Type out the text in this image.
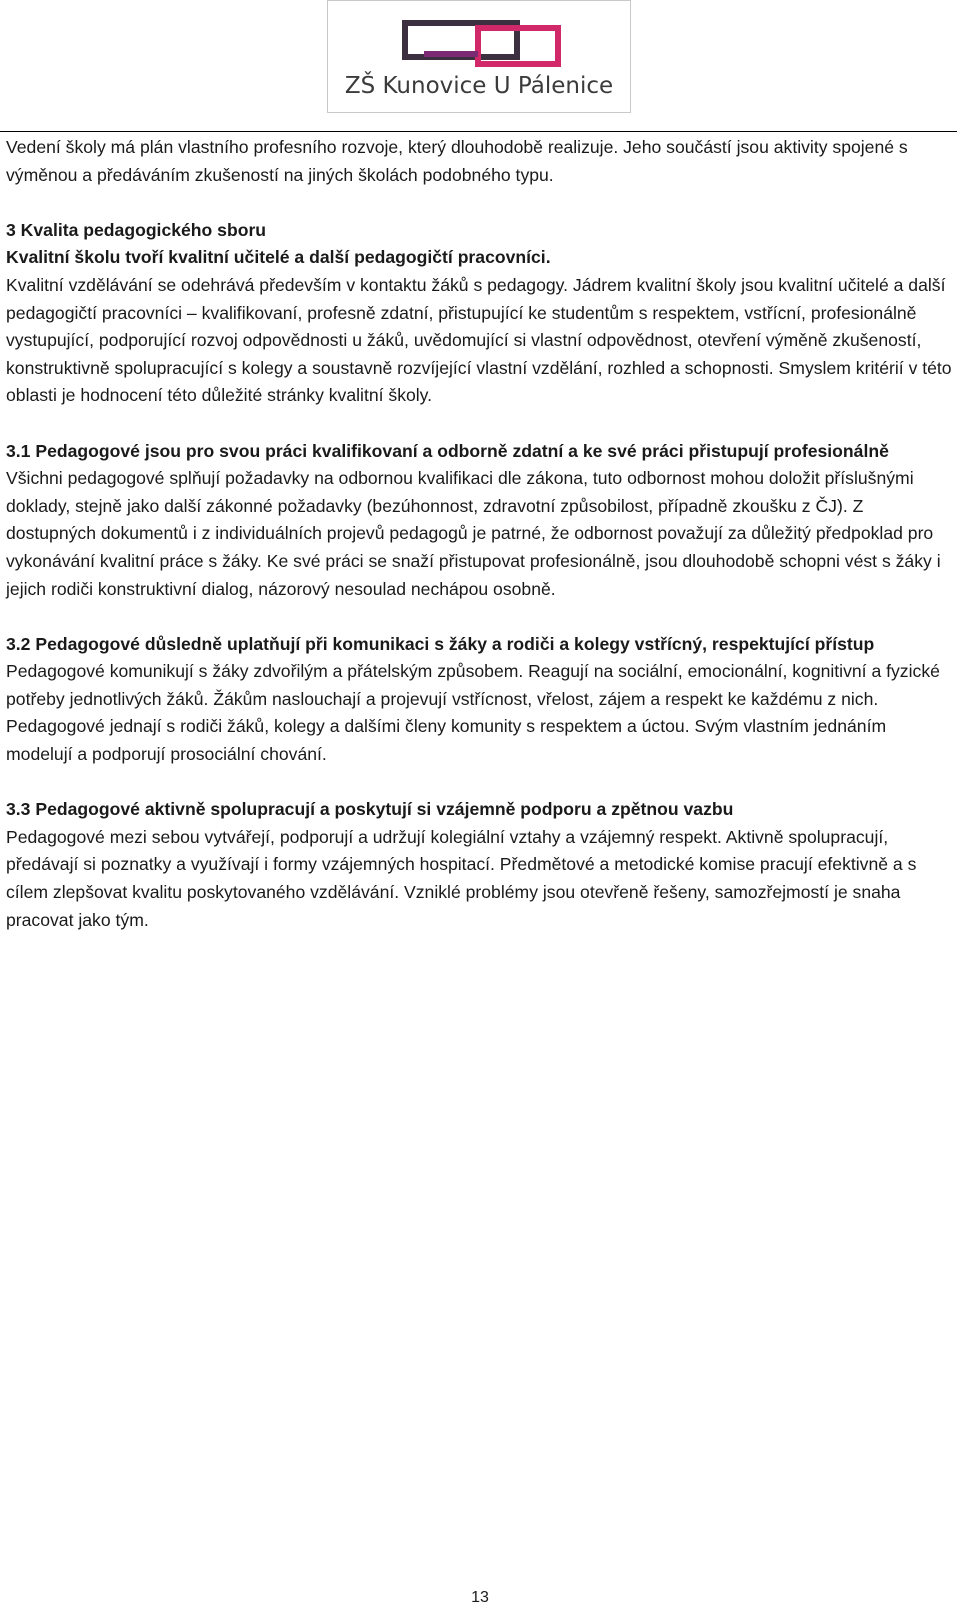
ZŠ Kunovice U Pálenice

Vedení školy má plán vlastního profesního rozvoje, který dlouhodobě realizuje. Jeho součástí jsou aktivity spojené s výměnou a předáváním zkušeností na jiných školách podobného typu.

3 Kvalita pedagogického sboru

Kvalitní školu tvoří kvalitní učitelé a další pedagogičtí pracovníci.

Kvalitní vzdělávání se odehrává především v kontaktu žáků s pedagogy. Jádrem kvalitní školy jsou kvalitní učitelé a další pedagogičtí pracovníci – kvalifikovaní, profesně zdatní, přistupující ke studentům s respektem, vstřícní, profesionálně vystupující, podporující rozvoj odpovědnosti u žáků, uvědomující si vlastní odpovědnost, otevření výměně zkušeností, konstruktivně spolupracující s kolegy a soustavně rozvíjející vlastní vzdělání, rozhled a schopnosti. Smyslem kritérií v této oblasti je hodnocení této důležité stránky kvalitní školy.

3.1 Pedagogové jsou pro svou práci kvalifikovaní a odborně zdatní a ke své práci přistupují profesionálně

Všichni pedagogové splňují požadavky na odbornou kvalifikaci dle zákona, tuto odbornost mohou doložit příslušnými doklady, stejně jako další zákonné požadavky (bezúhonnost, zdravotní způsobilost, případně zkoušku z ČJ). Z dostupných dokumentů i z individuálních projevů pedagogů je patrné, že odbornost považují za důležitý předpoklad pro vykonávání kvalitní práce s žáky. Ke své práci se snaží přistupovat profesionálně, jsou dlouhodobě schopni vést s žáky i jejich rodiči konstruktivní dialog, názorový nesoulad nechápou osobně.

3.2 Pedagogové důsledně uplatňují při komunikaci s žáky a rodiči a kolegy vstřícný, respektující přístup

Pedagogové komunikují s žáky zdvořilým a přátelským způsobem. Reagují na sociální, emocionální, kognitivní a fyzické potřeby jednotlivých žáků. Žákům naslouchají a projevují vstřícnost, vřelost, zájem a respekt ke každému z nich. Pedagogové jednají s rodiči žáků, kolegy a dalšími členy komunity s respektem a úctou. Svým vlastním jednáním modelují a podporují prosociální chování.

3.3 Pedagogové aktivně spolupracují a poskytují si vzájemně podporu a zpětnou vazbu

Pedagogové mezi sebou vytvářejí, podporují a udržují kolegiální vztahy a vzájemný respekt. Aktivně spolupracují, předávají si poznatky a využívají i formy vzájemných hospitací. Předmětové a metodické komise pracují efektivně a s cílem zlepšovat kvalitu poskytovaného vzdělávání. Vzniklé problémy jsou otevřeně řešeny, samozřejmostí je snaha pracovat jako tým.

13
